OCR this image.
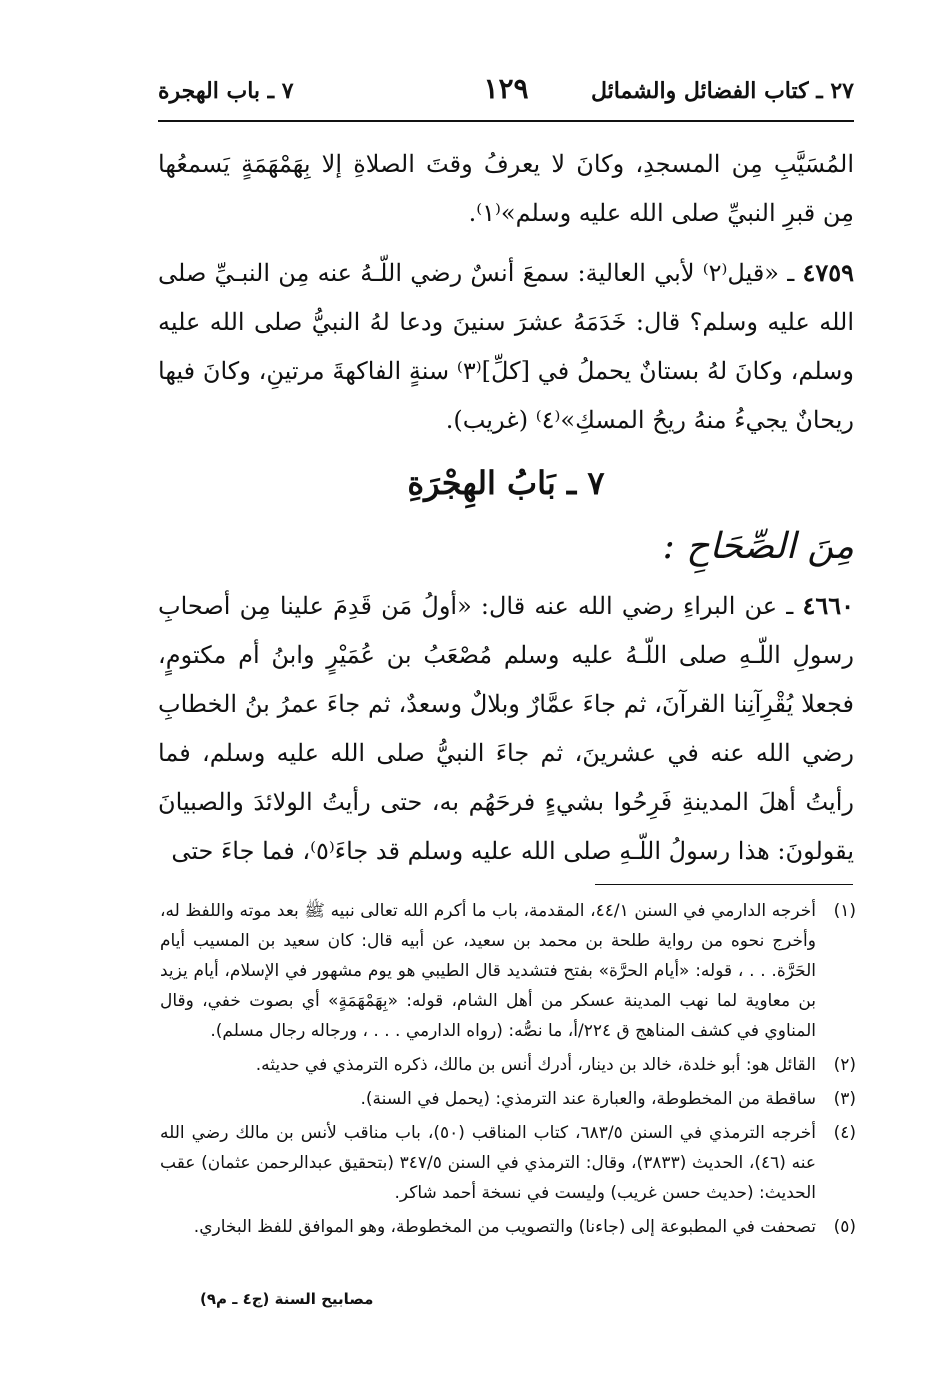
٢٧ ـ كتاب الفضائل والشمائل
١٢٩
٧ ـ باب الهجرة

المُسَيَّبِ مِن المسجدِ، وكانَ لا يعرفُ وقتَ الصلاةِ إلا بِهَمْهَمَةٍ يَسمعُها مِن قبرِ النبيِّ صلى الله عليه وسلم»⁽١⁾.

٤٧٥٩ ـ «قيل⁽٢⁾ لأبي العالية: سمعَ أنسٌ رضي اللّـهُ عنه مِن النبـيِّ صلى الله عليه وسلم؟ قال: خَدَمَهُ عشرَ سنينَ ودعا لهُ النبيُّ صلى الله عليه وسلم، وكانَ لهُ بستانٌ يحملُ في [كلِّ]⁽٣⁾ سنةٍ الفاكهةَ مرتينِ، وكانَ فيها ريحانٌ يجيءُ منهُ ريحُ المسكِ»⁽٤⁾ (غريب).

٧ ـ بَابُ الهِجْرَةِ
مِنَ الصِّحَاحِ :

٤٦٦٠ ـ عن البراءِ رضي الله عنه قال: «أولُ مَن قَدِمَ علينا مِن أصحابِ رسولِ اللّـهِ صلى اللّـهُ عليه وسلم مُصْعَبُ بن عُمَيْرٍ وابنُ أم مكتومٍ، فجعلا يُقْرِآنِنا القرآنَ، ثم جاءَ عمَّارٌ وبلالٌ وسعدٌ، ثم جاءَ عمرُ بنُ الخطابِ رضي الله عنه في عشرينَ، ثم جاءَ النبيُّ صلى الله عليه وسلم، فما رأيتُ أهلَ المدينةِ فَرِحُوا بشيءٍ فرحَهُم به، حتى رأيتُ الولائدَ والصبيانَ يقولونَ: هذا رسولُ اللّـهِ صلى الله عليه وسلم قد جاءَ⁽٥⁾، فما جاءَ حتى

(١)
أخرجه الدارمي في السنن ٤٤/١، المقدمة، باب ما أكرم الله تعالى نبيه ﷺ بعد موته واللفظ له، وأخرج نحوه من رواية طلحة بن محمد بن سعيد، عن أبيه قال: كان سعيد بن المسيب أيام الحَرَّة. . . ، قوله: «أيام الحرَّة» بفتح فتشديد قال الطيبي هو يوم مشهور في الإسلام، أيام يزيد بن معاوية لما نهب المدينة عسكر من أهل الشام، قوله: «بِهَمْهَمَةٍ» أي بصوت خفي، وقال المناوي في كشف المناهج ق ٢٢٤/أ، ما نصُّه: (رواه الدارمي . . . ، ورجاله رجال مسلم).
(٢)
القائل هو: أبو خلدة، خالد بن دينار، أدرك أنس بن مالك، ذكره الترمذي في حديثه.
(٣)
ساقطة من المخطوطة، والعبارة عند الترمذي: (يحمل في السنة).
(٤)
أخرجه الترمذي في السنن ٦٨٣/٥، كتاب المناقب (٥٠)، باب مناقب لأنس بن مالك رضي الله عنه (٤٦)، الحديث (٣٨٣٣)، وقال: الترمذي في السنن ٣٤٧/٥ (بتحقيق عبدالرحمن عثمان) عقب الحديث: (حديث حسن غريب) وليست في نسخة أحمد شاكر.
(٥)
تصحفت في المطبوعة إلى (جاءنا) والتصويب من المخطوطة، وهو الموافق للفظ البخاري.
مصابيح السنة (ج٤ ـ م٩)
